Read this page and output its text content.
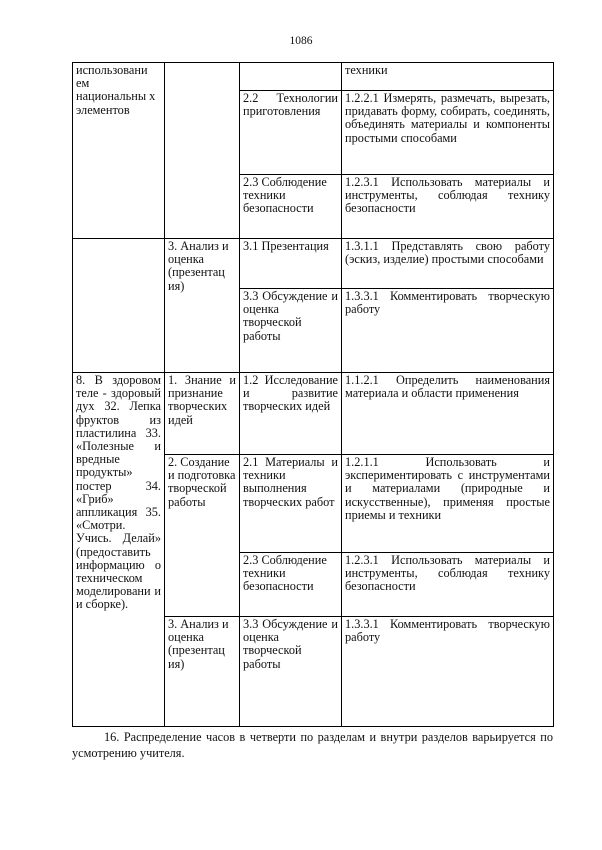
1086
использовани ем национальны х элементов			техники
		2.2 Технологии приготовления	1.2.2.1 Измерять, размечать, вырезать, придавать форму, собирать, соединять, объединять материалы и компоненты простыми способами
		2.3 Соблюдение техники безопасности	1.2.3.1 Использовать материалы и инструменты, соблюдая технику безопасности
	3. Анализ и оценка (презентац ия)	3.1 Презентация	1.3.1.1 Представлять свою работу (эскиз, изделие) простыми способами
		3.3 Обсуждение и оценка творческой работы	1.3.3.1 Комментировать творческую работу
8. В здоровом теле - здоровый дух 32. Лепка фруктов из пластилина 33. «Полезные и вредные продукты» постер 34. «Гриб» аппликация 35. «Смотри. Учись. Делай» (предоставить информацию о техническом моделировани и и сборке).	1. Знание и признание творческих идей	1.2 Исследование и развитие творческих идей	1.1.2.1 Определить наименования материала и области применения
	2. Создание и подготовка творческой работы	2.1 Материалы и техники выполнения творческих работ	1.2.1.1 Использовать и экспериментировать с инструментами и материалами (природные и искусственные), применяя простые приемы и техники
		2.3 Соблюдение техники безопасности	1.2.3.1 Использовать материалы и инструменты, соблюдая технику безопасности
	3. Анализ и оценка (презентац ия)	3.3 Обсуждение и оценка творческой работы	1.3.3.1 Комментировать творческую работу
16. Распределение часов в четверти по разделам и внутри разделов варьируется по усмотрению учителя.
